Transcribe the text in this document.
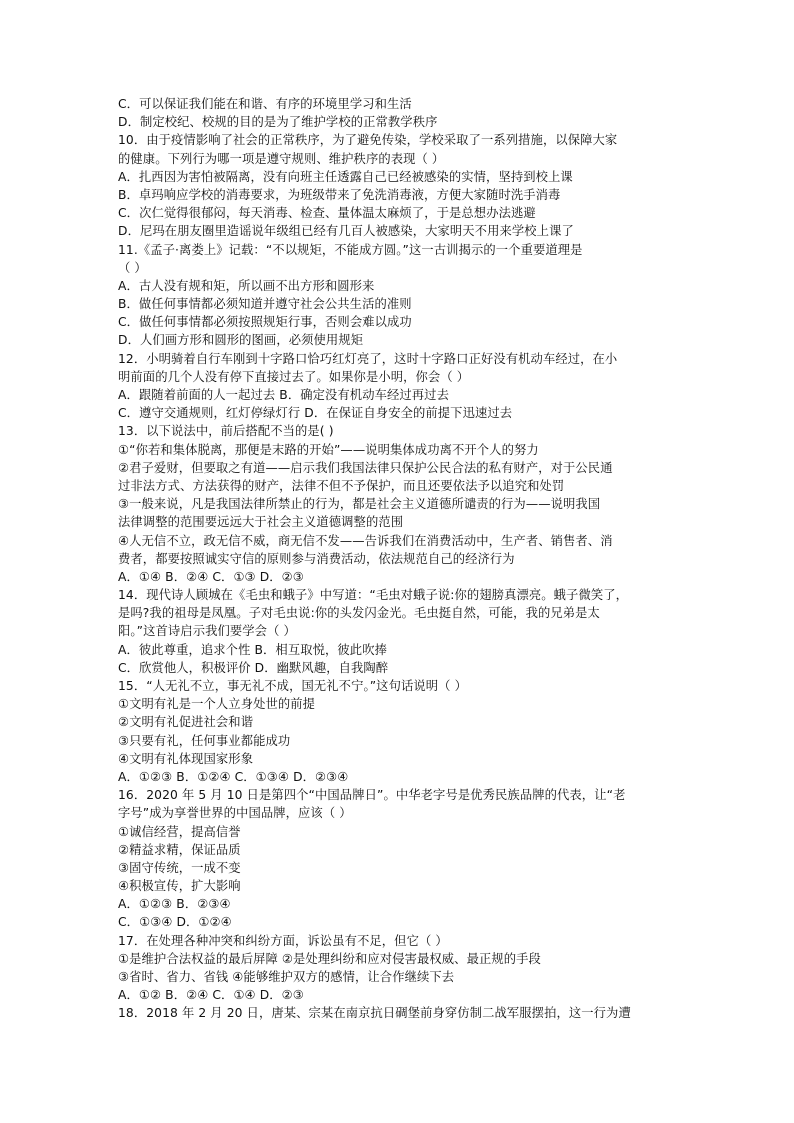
C．可以保证我们能在和谐、有序的环境里学习和生活
D．制定校纪、校规的目的是为了维护学校的正常教学秩序
10．由于疫情影响了社会的正常秩序，为了避免传染，学校采取了一系列措施，以保障大家
的健康。下列行为哪一项是遵守规则、维护秩序的表现（ ）
A．扎西因为害怕被隔离，没有向班主任透露自己已经被感染的实情，坚持到校上课
B．卓玛响应学校的消毒要求，为班级带来了免洗消毒液，方便大家随时洗手消毒
C．次仁觉得很郁闷，每天消毒、检查、量体温太麻烦了，于是总想办法逃避
D．尼玛在朋友圈里造谣说年级组已经有几百人被感染，大家明天不用来学校上课了
11.《孟子·离娄上》记载：“不以规矩，不能成方圆。”这一古训揭示的一个重要道理是
（ ）
A．古人没有规和矩，所以画不出方形和圆形来
B．做任何事情都必须知道并遵守社会公共生活的准则
C．做任何事情都必须按照规矩行事，否则会难以成功
D．人们画方形和圆形的图画，必须使用规矩
12．小明骑着自行车刚到十字路口恰巧红灯亮了，这时十字路口正好没有机动车经过，在小
明前面的几个人没有停下直接过去了。如果你是小明，你会（ ）
A．跟随着前面的人一起过去 B．确定没有机动车经过再过去
C．遵守交通规则，红灯停绿灯行 D．在保证自身安全的前提下迅速过去
13．以下说法中，前后搭配不当的是( )
①“你若和集体脱离，那便是末路的开始”——说明集体成功离不开个人的努力
②君子爱财，但要取之有道——启示我们我国法律只保护公民合法的私有财产，对于公民通
过非法方式、方法获得的财产，法律不但不予保护，而且还要依法予以追究和处罚
③一般来说，凡是我国法律所禁止的行为，都是社会主义道德所谴责的行为——说明我国
法律调整的范围要远远大于社会主义道德调整的范围
④人无信不立，政无信不威，商无信不发——告诉我们在消费活动中，生产者、销售者、消
费者，都要按照诚实守信的原则参与消费活动，依法规范自己的经济行为
A．①④ B．②④ C．①③ D．②③
14．现代诗人顾城在《毛虫和蛾子》中写道：“毛虫对蛾子说:你的翅膀真漂亮。蛾子微笑了，
是吗?我的祖母是凤凰。子对毛虫说:你的头发闪金光。毛虫挺自然，可能，我的兄弟是太
阳。”这首诗启示我们要学会（ ）
A．彼此尊重，追求个性 B．相互取悦，彼此吹捧
C．欣赏他人，积极评价 D．幽默风趣，自我陶醉
15．“人无礼不立，事无礼不成，国无礼不宁。”这句话说明（ ）
①文明有礼是一个人立身处世的前提
②文明有礼促进社会和谐
③只要有礼，任何事业都能成功
④文明有礼体现国家形象
A．①②③ B．①②④ C．①③④ D．②③④
16．2020 年 5 月 10 日是第四个“中国品牌日”。中华老字号是优秀民族品牌的代表，让“老
字号”成为享誉世界的中国品牌，应该（ ）
①诚信经营，提高信誉
②精益求精，保证品质
③固守传统，一成不变
④积极宣传，扩大影响
A．①②③ B．②③④
C．①③④ D．①②④
17．在处理各种冲突和纠纷方面，诉讼虽有不足，但它（ ）
①是维护合法权益的最后屏障 ②是处理纠纷和应对侵害最权威、最正规的手段
③省时、省力、省钱 ④能够维护双方的感情，让合作继续下去
A．①② B．②④ C．①④ D．②③
18．2018 年 2 月 20 日，唐某、宗某在南京抗日碉堡前身穿仿制二战军服摆拍，这一行为遭
